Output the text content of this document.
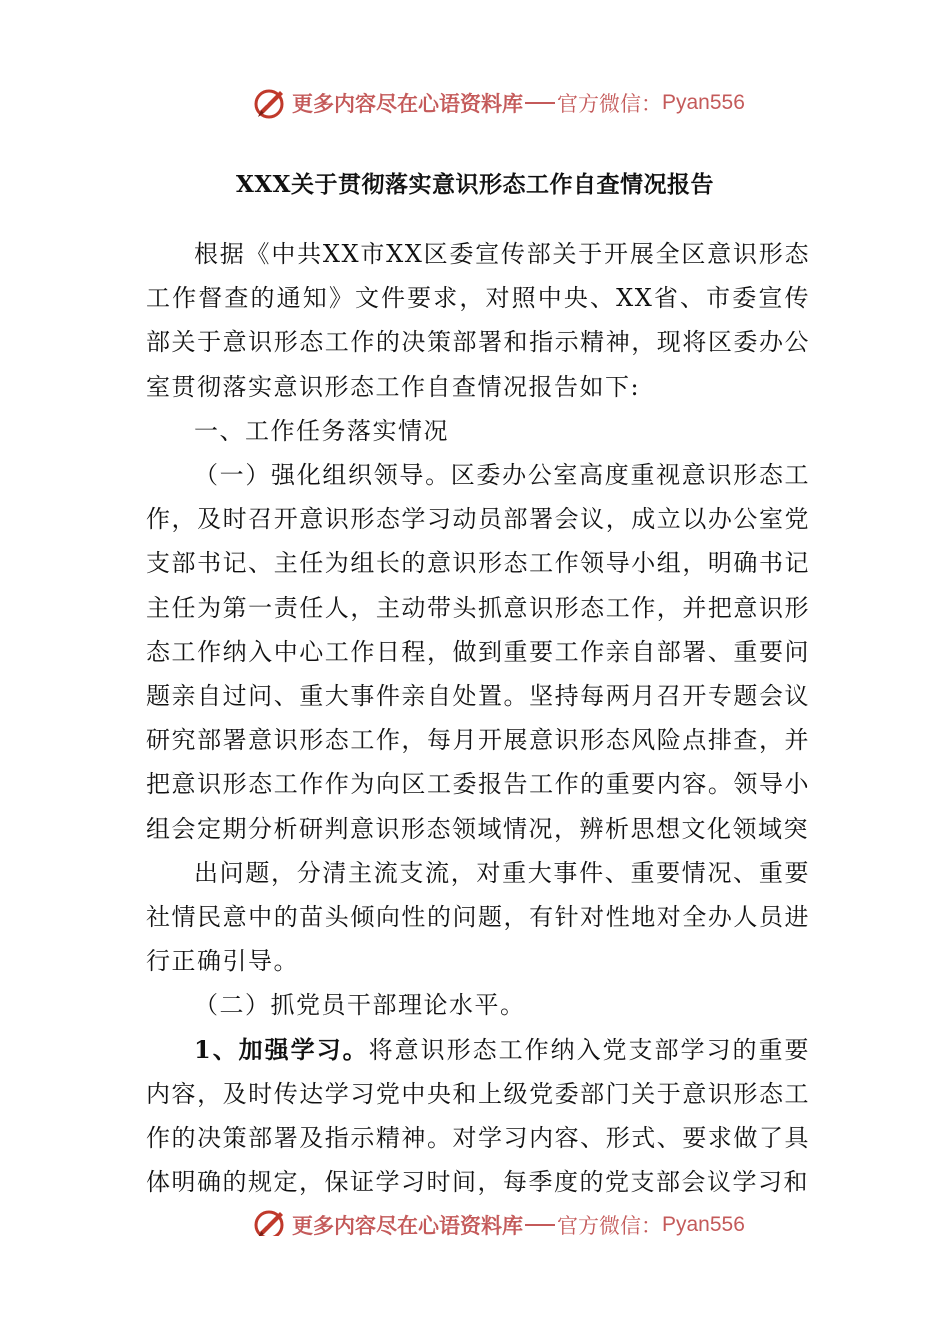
更多内容尽在心语资料库 官方微信： Pyan556
XXX关于贯彻落实意识形态工作自查情况报告

根据《中共XX市XX区委宣传部关于开展全区意识形态工作督查的通知》文件要求，对照中央、XX省、市委宣传部关于意识形态工作的决策部署和指示精神，现将区委办公室贯彻落实意识形态工作自查情况报告如下:

一、工作任务落实情况

（一）强化组织领导。区委办公室高度重视意识形态工作，及时召开意识形态学习动员部署会议，成立以办公室党支部书记、主任为组长的意识形态工作领导小组，明确书记主任为第一责任人，主动带头抓意识形态工作，并把意识形态工作纳入中心工作日程，做到重要工作亲自部署、重要问题亲自过问、重大事件亲自处置。坚持每两月召开专题会议研究部署意识形态工作，每月开展意识形态风险点排查，并把意识形态工作作为向区工委报告工作的重要内容。领导小组会定期分析研判意识形态领域情况，辨析思想文化领域突

出问题，分清主流支流，对重大事件、重要情况、重要社情民意中的苗头倾向性的问题，有针对性地对全办人员进行正确引导。

（二）抓党员干部理论水平。

1、加强学习。将意识形态工作纳入党支部学习的重要内容，及时传达学习党中央和上级党委部门关于意识形态工作的决策部署及指示精神。对学习内容、形式、要求做了具体明确的规定，保证学习时间，每季度的党支部会议学习和

更多内容尽在心语资料库 官方微信： Pyan556
